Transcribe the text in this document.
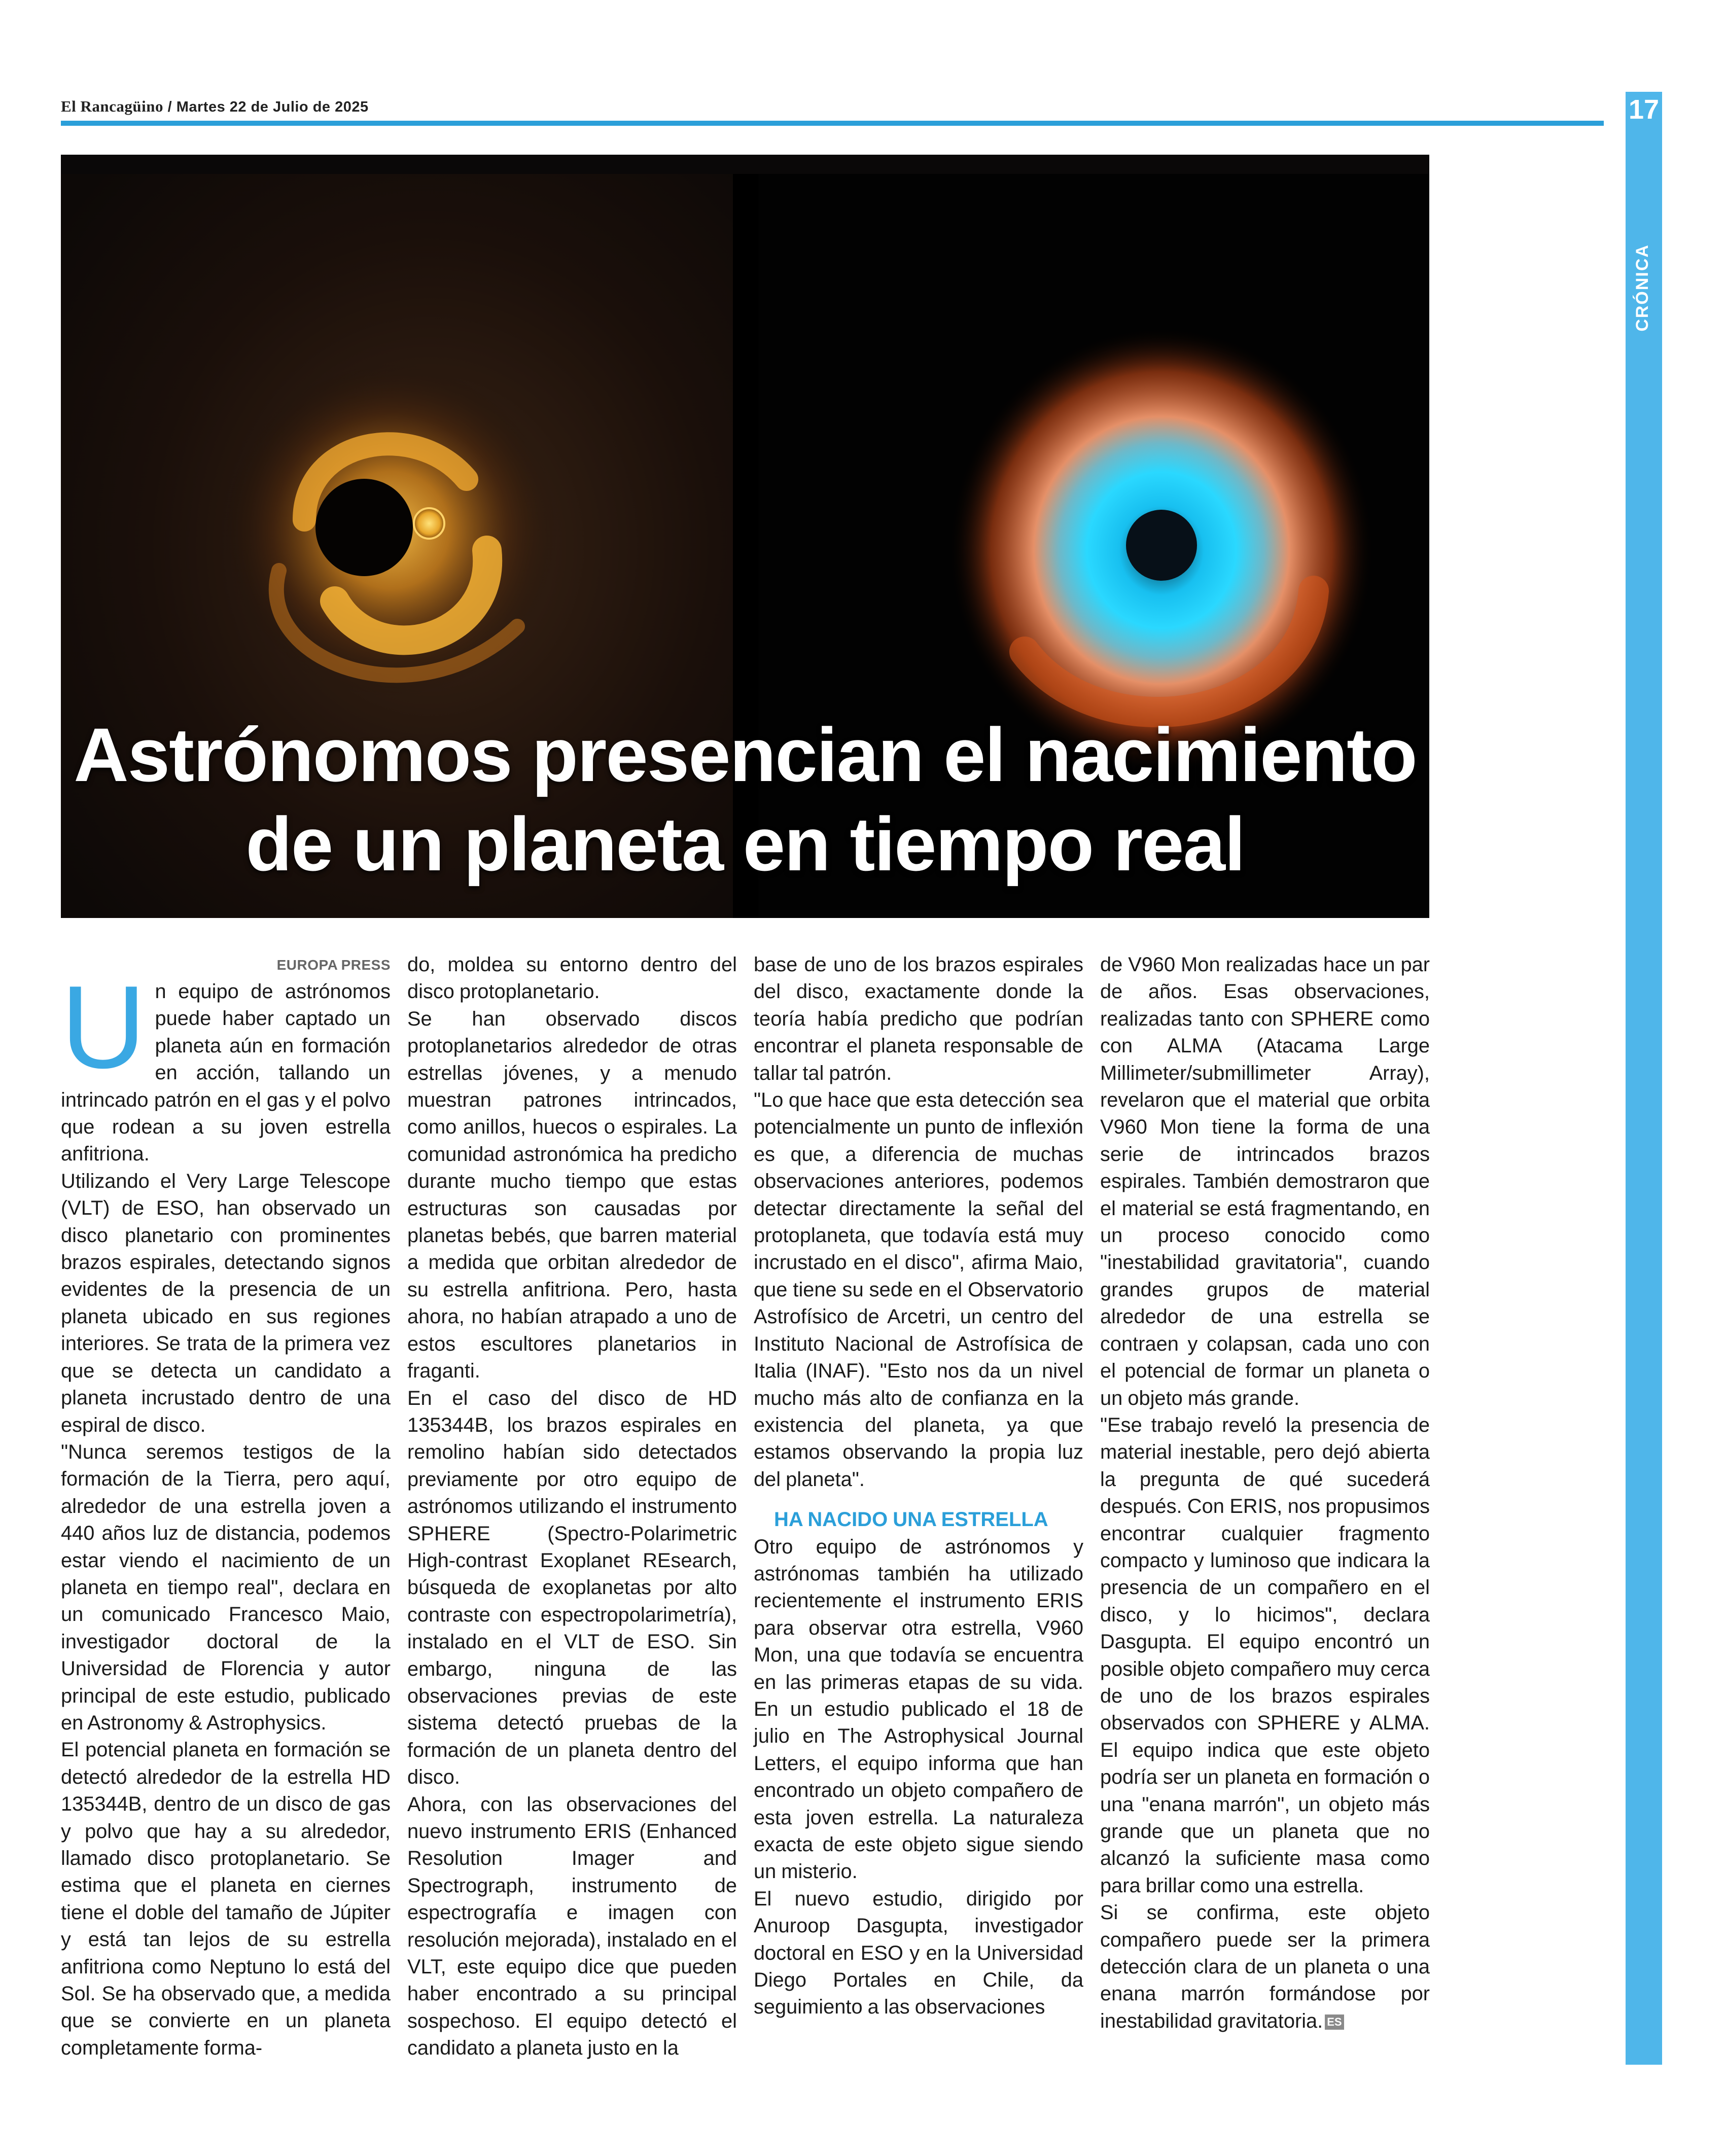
El Rancagüino / Martes 22 de Julio de 2025	17
CRÓNICA
Astrónomos presencian el nacimiento
de un planeta en tiempo real
EUROPA PRESS

Un equipo de astrónomos puede haber captado un planeta aún en formación en acción, tallando un intrincado patrón en el gas y el polvo que rodean a su joven estrella anfitriona.

Utilizando el Very Large Telescope (VLT) de ESO, han observado un disco planetario con prominentes brazos espirales, detectando signos evidentes de la presencia de un planeta ubicado en sus regiones interiores. Se trata de la primera vez que se detecta un candidato a planeta incrustado dentro de una espiral de disco.

"Nunca seremos testigos de la formación de la Tierra, pero aquí, alrededor de una estrella joven a 440 años luz de distancia, podemos estar viendo el nacimiento de un planeta en tiempo real", declara en un comunicado Francesco Maio, investigador doctoral de la Universidad de Florencia y autor principal de este estudio, publicado en Astronomy & Astrophysics.

El potencial planeta en formación se detectó alrededor de la estrella HD 135344B, dentro de un disco de gas y polvo que hay a su alrededor, llamado disco protoplanetario. Se estima que el planeta en ciernes tiene el doble del tamaño de Júpiter y está tan lejos de su estrella anfitriona como Neptuno lo está del Sol. Se ha observado que, a medida que se convierte en un planeta completamente forma-

do, moldea su entorno dentro del disco protoplanetario.

Se han observado discos protoplanetarios alrededor de otras estrellas jóvenes, y a menudo muestran patrones intrincados, como anillos, huecos o espirales. La comunidad astronómica ha predicho durante mucho tiempo que estas estructuras son causadas por planetas bebés, que barren material a medida que orbitan alrededor de su estrella anfitriona. Pero, hasta ahora, no habían atrapado a uno de estos escultores planetarios in fraganti.

En el caso del disco de HD 135344B, los brazos espirales en remolino habían sido detectados previamente por otro equipo de astrónomos utilizando el instrumento SPHERE (Spectro-Polarimetric High-contrast Exoplanet REsearch, búsqueda de exoplanetas por alto contraste con espectropolarimetría), instalado en el VLT de ESO. Sin embargo, ninguna de las observaciones previas de este sistema detectó pruebas de la formación de un planeta dentro del disco.

Ahora, con las observaciones del nuevo instrumento ERIS (Enhanced Resolution Imager and Spectrograph, instrumento de espectrografía e imagen con resolución mejorada), instalado en el VLT, este equipo dice que pueden haber encontrado a su principal sospechoso. El equipo detectó el candidato a planeta justo en la

base de uno de los brazos espirales del disco, exactamente donde la teoría había predicho que podrían encontrar el planeta responsable de tallar tal patrón.

"Lo que hace que esta detección sea potencialmente un punto de inflexión es que, a diferencia de muchas observaciones anteriores, podemos detectar directamente la señal del protoplaneta, que todavía está muy incrustado en el disco", afirma Maio, que tiene su sede en el Observatorio Astrofísico de Arcetri, un centro del Instituto Nacional de Astrofísica de Italia (INAF). "Esto nos da un nivel mucho más alto de confianza en la existencia del planeta, ya que estamos observando la propia luz del planeta".

HA NACIDO UNA ESTRELLA

Otro equipo de astrónomos y astrónomas también ha utilizado recientemente el instrumento ERIS para observar otra estrella, V960 Mon, una que todavía se encuentra en las primeras etapas de su vida. En un estudio publicado el 18 de julio en The Astrophysical Journal Letters, el equipo informa que han encontrado un objeto compañero de esta joven estrella. La naturaleza exacta de este objeto sigue siendo un misterio.

El nuevo estudio, dirigido por Anuroop Dasgupta, investigador doctoral en ESO y en la Universidad Diego Portales en Chile, da seguimiento a las observaciones

de V960 Mon realizadas hace un par de años. Esas observaciones, realizadas tanto con SPHERE como con ALMA (Atacama Large Millimeter/submillimeter Array), revelaron que el material que orbita V960 Mon tiene la forma de una serie de intrincados brazos espirales. También demostraron que el material se está fragmentando, en un proceso conocido como "inestabilidad gravitatoria", cuando grandes grupos de material alrededor de una estrella se contraen y colapsan, cada uno con el potencial de formar un planeta o un objeto más grande.

"Ese trabajo reveló la presencia de material inestable, pero dejó abierta la pregunta de qué sucederá después. Con ERIS, nos propusimos encontrar cualquier fragmento compacto y luminoso que indicara la presencia de un compañero en el disco, y lo hicimos", declara Dasgupta. El equipo encontró un posible objeto compañero muy cerca de uno de los brazos espirales observados con SPHERE y ALMA. El equipo indica que este objeto podría ser un planeta en formación o una "enana marrón", un objeto más grande que un planeta que no alcanzó la suficiente masa como para brillar como una estrella.

Si se confirma, este objeto compañero puede ser la primera detección clara de un planeta o una enana marrón formándose por inestabilidad gravitatoria. ES
